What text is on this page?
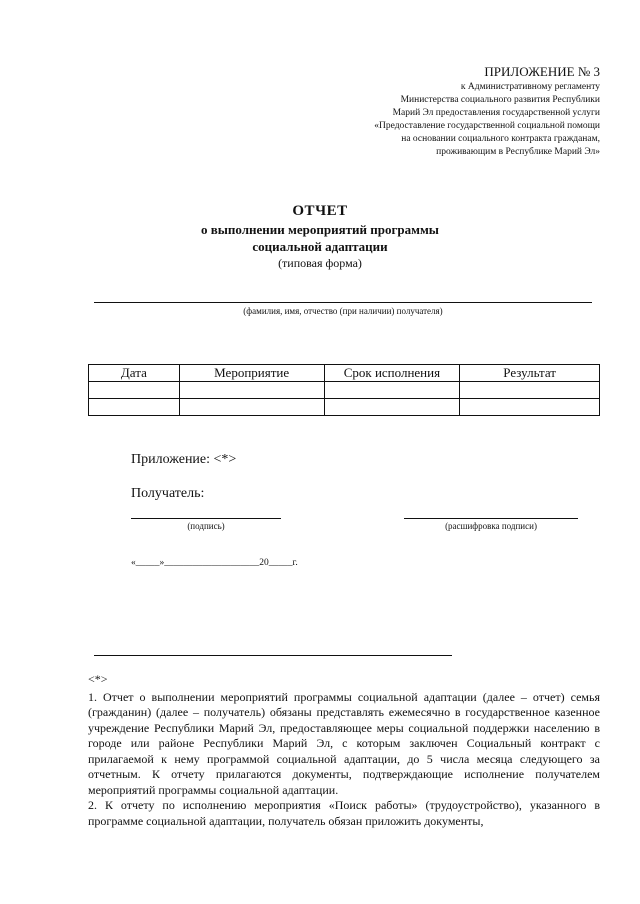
ПРИЛОЖЕНИЕ № 3
к Административному регламенту
Министерства социального развития Республики
Марий Эл предоставления государственной услуги
«Предоставление государственной социальной помощи
на основании социального контракта гражданам,
проживающим в Республике Марий Эл»
ОТЧЕТ
о выполнении мероприятий программы
социальной адаптации
(типовая форма)
(фамилия, имя, отчество (при наличии) получателя)
Дата	Мероприятие	Срок исполнения	Результат

Приложение: <*>
Получатель:
(подпись)	(расшифровка подписи)
«_____»____________________20_____г.

<*>

1. Отчет о выполнении мероприятий программы социальной адаптации (далее – отчет) семья (гражданин) (далее – получатель) обязаны представлять ежемесячно в государственное казенное учреждение Республики Марий Эл, предоставляющее меры социальной поддержки населению в городе или районе Республики Марий Эл, с которым заключен Социальный контракт с прилагаемой к нему программой социальной адаптации, до 5 числа месяца следующего за отчетным. К отчету прилагаются документы, подтверждающие исполнение получателем мероприятий программы социальной адаптации.

2. К отчету по исполнению мероприятия «Поиск работы» (трудоустройство), указанного в программе социальной адаптации, получатель обязан приложить документы,
